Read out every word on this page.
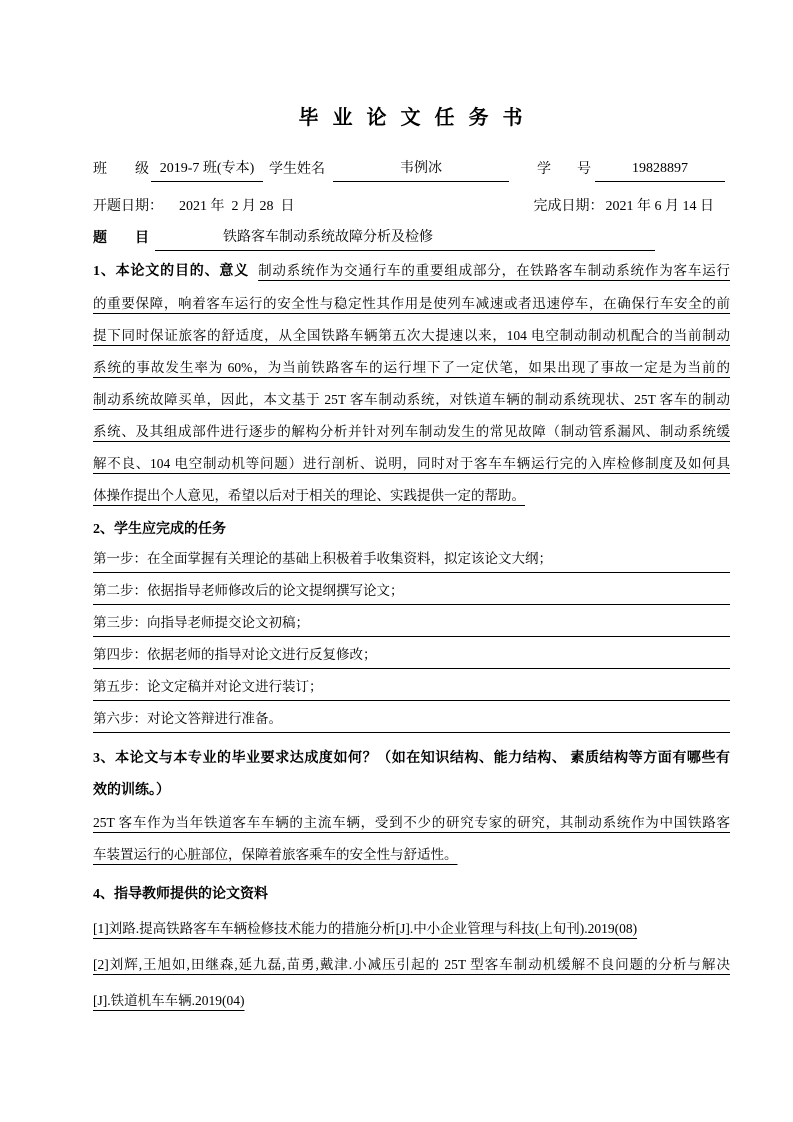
毕 业 论 文 任 务 书
班 级 2019-7 班(专本)	学生姓名	韦例冰	学 号	19828897
开题日期： 2021 年  2 月 28  日	完成日期： 2021 年 6 月 14 日
题 目	铁路客车制动系统故障分析及检修
1、本论文的目的、意义 制动系统作为交通行车的重要组成部分，在铁路客车制动系统作为客车运行
的重要保障，响着客车运行的安全性与稳定性其作用是使列车减速或者迅速停车，在确保行车安全的前
提下同时保证旅客的舒适度，从全国铁路车辆第五次大提速以来，104 电空制动制动机配合的当前制动
系统的事故发生率为 60%，为当前铁路客车的运行埋下了一定伏笔，如果出现了事故一定是为当前的
制动系统故障买单，因此，本文基于 25T 客车制动系统，对铁道车辆的制动系统现状、25T 客车的制动
系统、及其组成部件进行逐步的解构分析并针对列车制动发生的常见故障（制动管系漏风、制动系统缓
解不良、104 电空制动机等问题）进行剖析、说明，同时对于客车车辆运行完的入库检修制度及如何具
体操作提出个人意见，希望以后对于相关的理论、实践提供一定的帮助。
2、学生应完成的任务
第一步：在全面掌握有关理论的基础上积极着手收集资料，拟定该论文大纲；
第二步：依据指导老师修改后的论文提纲撰写论文；
第三步：向指导老师提交论文初稿；
第四步：依据老师的指导对论文进行反复修改；
第五步：论文定稿并对论文进行装订；
第六步：对论文答辩进行准备。
3、本论文与本专业的毕业要求达成度如何？（如在知识结构、能力结构、 素质结构等方面有哪些有
效的训练。）
25T 客车作为当年铁道客车车辆的主流车辆，受到不少的研究专家的研究，其制动系统作为中国铁路客
车装置运行的心脏部位，保障着旅客乘车的安全性与舒适性。
4、指导教师提供的论文资料
[1]刘路.提高铁路客车车辆检修技术能力的措施分析[J].中小企业管理与科技(上旬刊).2019(08)
[2]刘辉,王旭如,田继森,延九磊,苗勇,戴津.小减压引起的 25T 型客车制动机缓解不良问题的分析与解决
[J].铁道机车车辆.2019(04)
